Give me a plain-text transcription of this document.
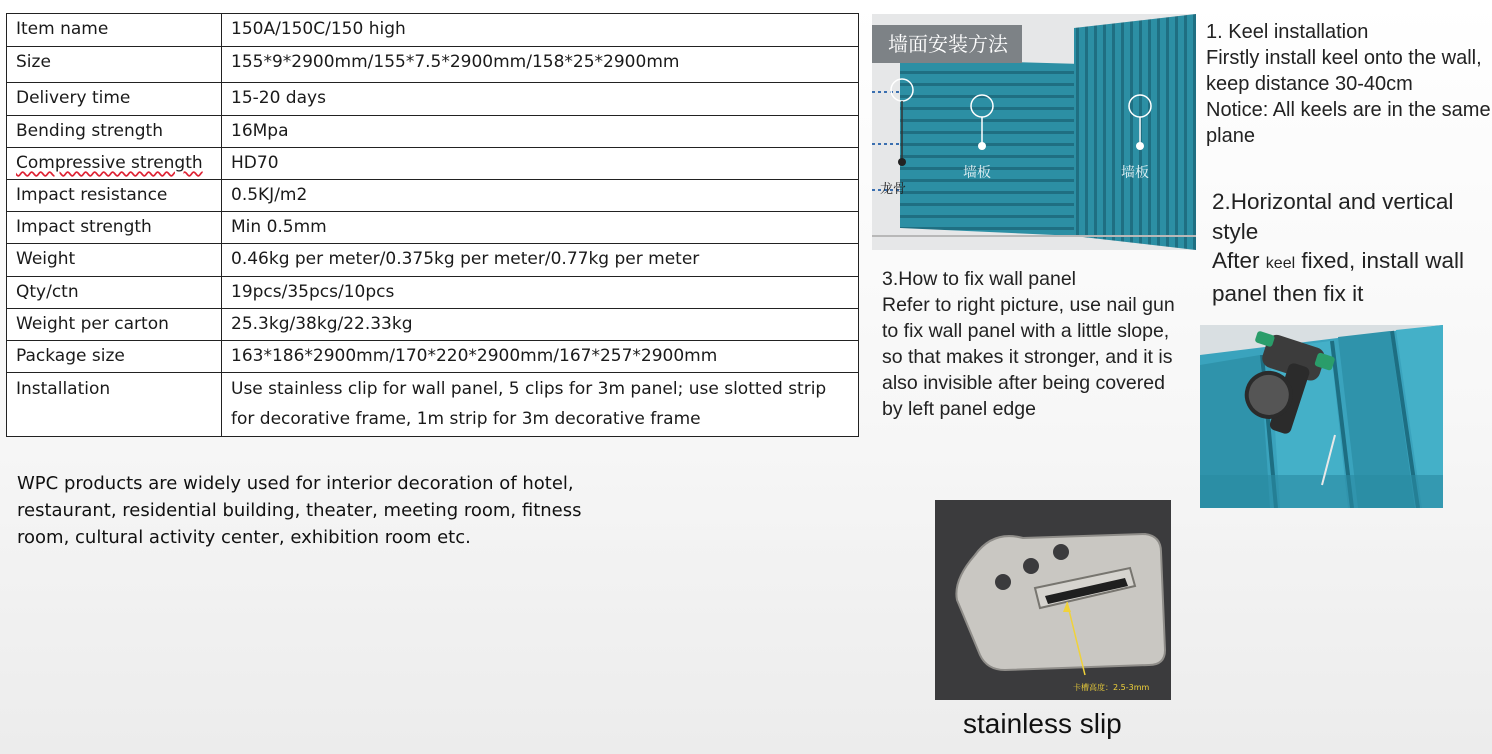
Item name	150A/150C/150 high
Size	155*9*2900mm/155*7.5*2900mm/158*25*2900mm
Delivery time	15-20 days
Bending strength	16Mpa
Compressive strength	HD70
Impact resistance	0.5KJ/m2
Impact strength	Min 0.5mm
Weight	0.46kg per meter/0.375kg per meter/0.77kg per meter
Qty/ctn	19pcs/35pcs/10pcs
Weight per carton	25.3kg/38kg/22.33kg
Package size	163*186*2900mm/170*220*2900mm/167*257*2900mm
Installation	Use stainless clip for wall panel, 5 clips for 3m panel; use slotted strip for decorative frame, 1m strip for 3m decorative frame

WPC products are widely used for interior decoration of hotel, restaurant, residential building, theater, meeting room, fitness room, cultural activity center, exhibition room etc.

墙面安装方法
龙骨
墙板	墙板
1. Keel installation
Firstly install keel onto the wall, keep distance 30-40cm
Notice: All keels are in the same plane
2.Horizontal and vertical style
After keel fixed, install wall panel then fix it
3.How to fix wall panel
Refer to right picture, use nail gun to fix wall panel with a little slope, so that makes it stronger, and it is also invisible after being covered by left panel edge
卡槽高度：2.5-3mm
stainless slip
